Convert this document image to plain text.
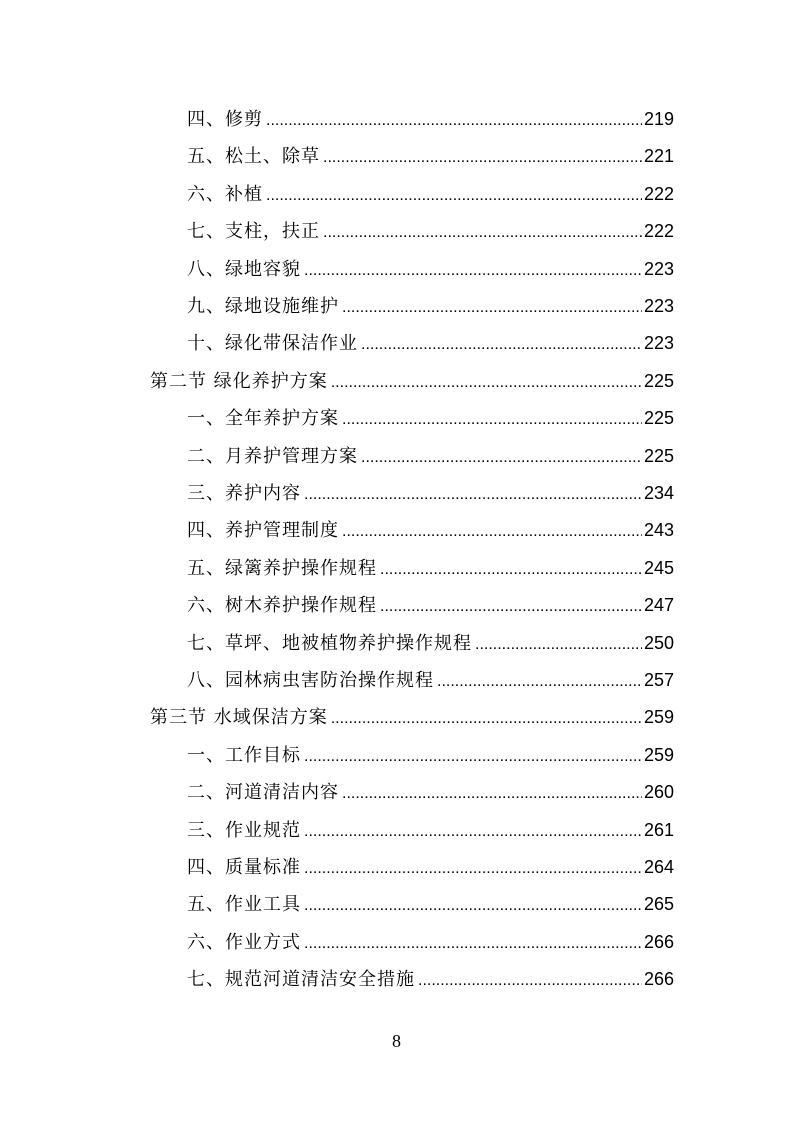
四、修剪 .....	219
五、松土、除草 .....	221
六、补植 .....	222
七、支柱，扶正 .....	222
八、绿地容貌 .....	223
九、绿地设施维护 .....	223
十、绿化带保洁作业 .....	223
第二节 绿化养护方案 .....	225
一、全年养护方案 .....	225
二、月养护管理方案 .....	225
三、养护内容 .....	234
四、养护管理制度 .....	243
五、绿篱养护操作规程 .....	245
六、树木养护操作规程 .....	247
七、草坪、地被植物养护操作规程 .....	250
八、园林病虫害防治操作规程 .....	257
第三节 水域保洁方案 .....	259
一、工作目标 .....	259
二、河道清洁内容 .....	260
三、作业规范 .....	261
四、质量标准 .....	264
五、作业工具 .....	265
六、作业方式 .....	266
七、规范河道清洁安全措施 .....	266
8
